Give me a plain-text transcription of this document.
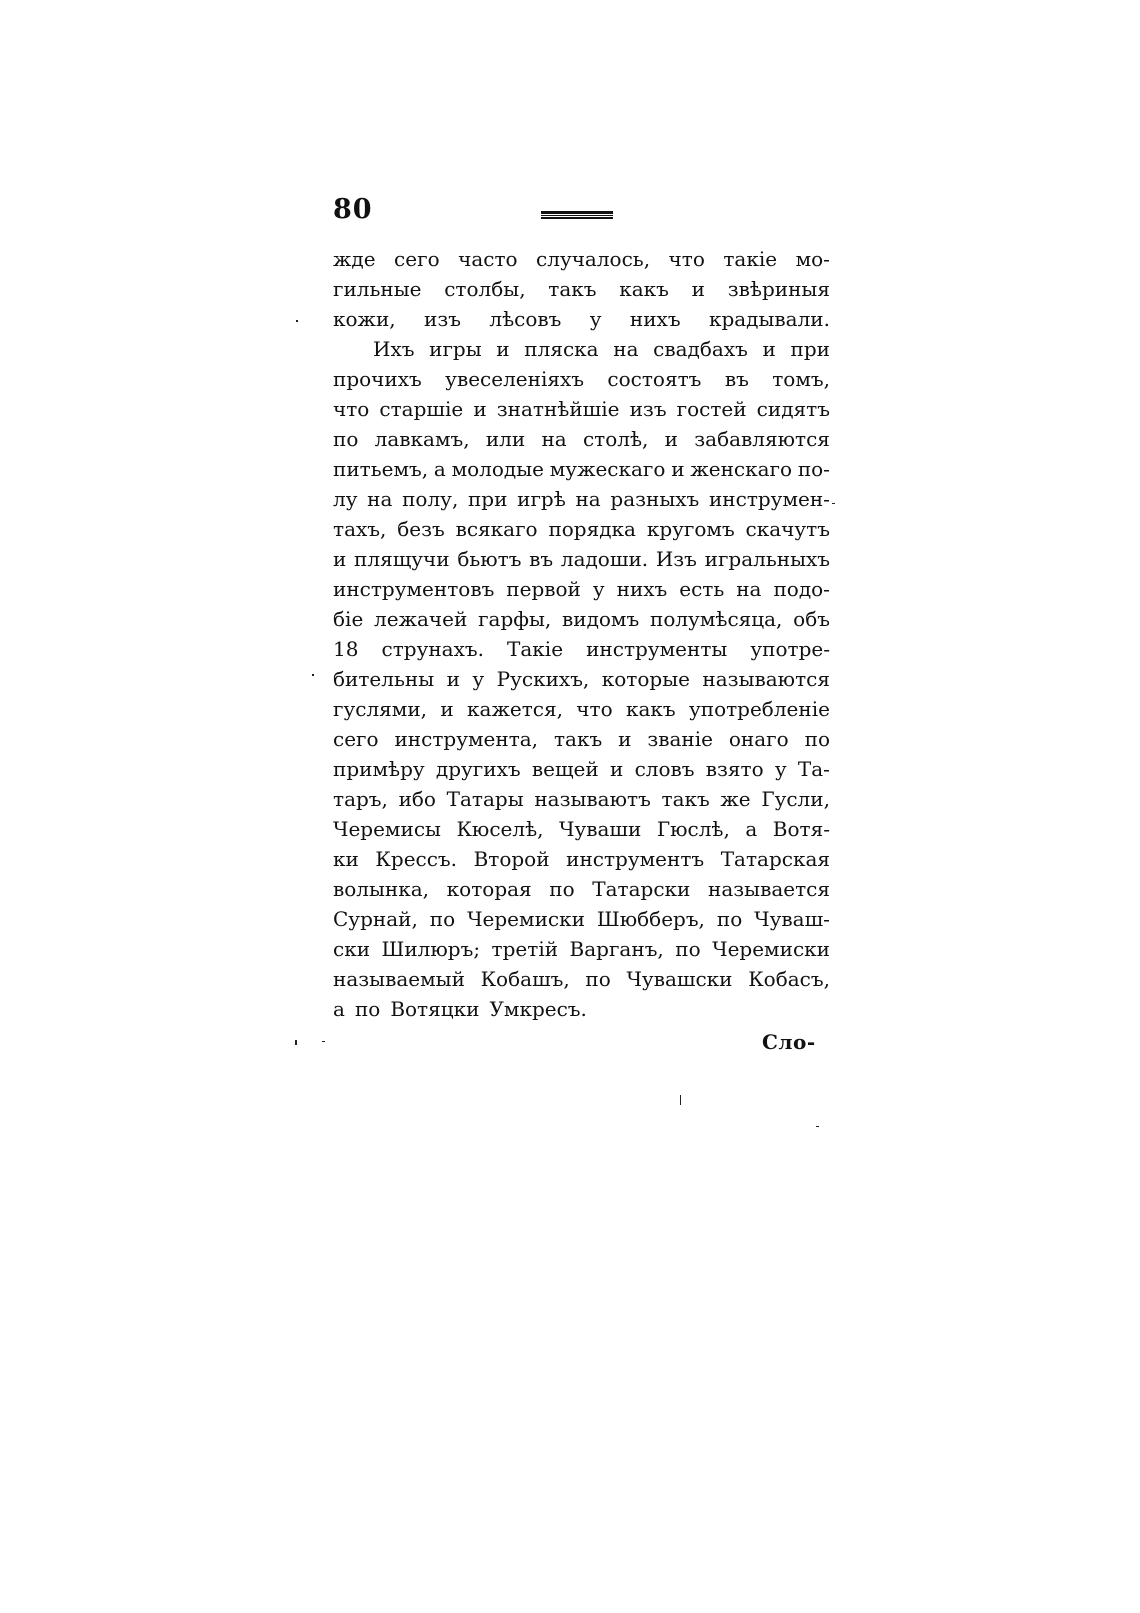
80
жде сего часто случалось, что такіе мо-
гильные столбы, такъ какъ и звѣриныя
кожи, изъ лѣсовъ у нихъ крадывали.
Ихъ игры и пляска на свадбахъ и при
прочихъ увеселеніяхъ состоятъ въ томъ,
что старшіе и знатнѣйшіе изъ гостей сидятъ
по лавкамъ, или на столѣ, и забавляются
питьемъ, а молодые мужескаго и женскаго по-
лу на полу, при игрѣ на разныхъ инструмен-
тахъ, безъ всякаго порядка кругомъ скачутъ
и плящучи бьютъ въ ладоши. Изъ игральныхъ
инструментовъ первой у нихъ есть на подо-
біе лежачей гарфы, видомъ полумѣсяца, объ
18 струнахъ. Такіе инструменты употре-
бительны и у Рускихъ, которые называются
гуслями, и кажется, что какъ употребленіе
сего инструмента, такъ и званіе онаго по
примѣру другихъ вещей и словъ взято у Та-
таръ, ибо Татары называютъ такъ же Гусли,
Черемисы Кюселѣ, Чуваши Гюслѣ, а Вотя-
ки Крессъ. Второй инструментъ Татарская
волынка, которая по Татарски называется
Сурнай, по Черемиски Шюбберъ, по Чуваш-
ски Шилюръ; третій Варганъ, по Черемиски
называемый Кобашъ, по Чувашски Кобасъ,
а по Вотяцки Умкресъ.
Сло-
